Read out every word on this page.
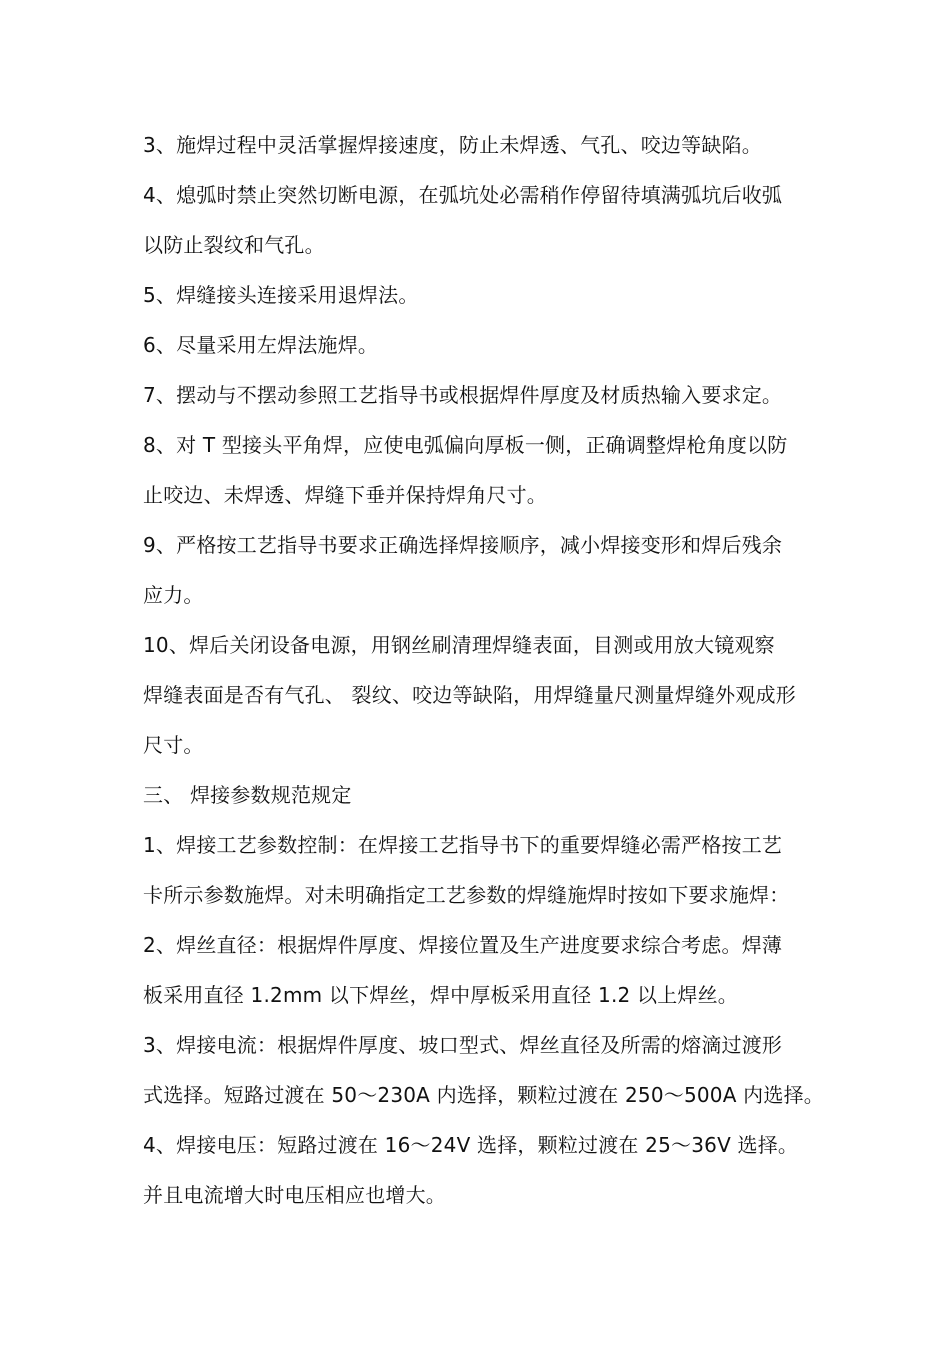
3、施焊过程中灵活掌握焊接速度，防止未焊透、气孔、咬边等缺陷。
4、熄弧时禁止突然切断电源，在弧坑处必需稍作停留待填满弧坑后收弧
以防止裂纹和气孔。
5、焊缝接头连接采用退焊法。
6、尽量采用左焊法施焊。
7、摆动与不摆动参照工艺指导书或根据焊件厚度及材质热输入要求定。
8、对 T 型接头平角焊，应使电弧偏向厚板一侧，正确调整焊枪角度以防
止咬边、未焊透、焊缝下垂并保持焊角尺寸。
9、严格按工艺指导书要求正确选择焊接顺序，减小焊接变形和焊后残余
应力。
10、焊后关闭设备电源，用钢丝刷清理焊缝表面，目测或用放大镜观察
焊缝表面是否有气孔、 裂纹、咬边等缺陷，用焊缝量尺测量焊缝外观成形
尺寸。
三、 焊接参数规范规定
1、焊接工艺参数控制：在焊接工艺指导书下的重要焊缝必需严格按工艺
卡所示参数施焊。对未明确指定工艺参数的焊缝施焊时按如下要求施焊：
2、焊丝直径：根据焊件厚度、焊接位置及生产进度要求综合考虑。焊薄
板采用直径 1.2mm 以下焊丝，焊中厚板采用直径 1.2 以上焊丝。
3、焊接电流：根据焊件厚度、坡口型式、焊丝直径及所需的熔滴过渡形
式选择。短路过渡在 50～230A 内选择，颗粒过渡在 250～500A 内选择。
4、焊接电压：短路过渡在 16～24V 选择，颗粒过渡在 25～36V 选择。
并且电流增大时电压相应也增大。
